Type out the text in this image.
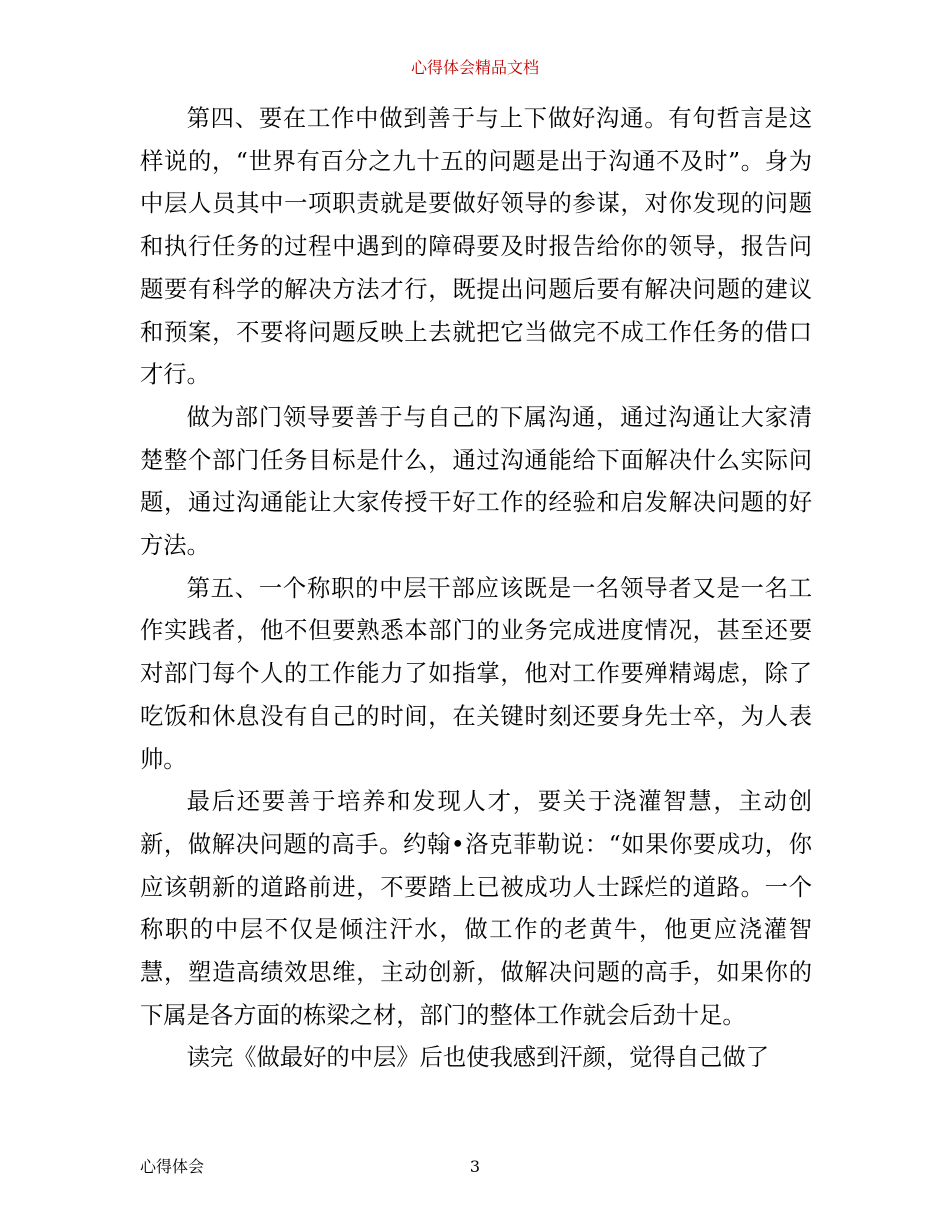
心得体会精品文档

第四、要在工作中做到善于与上下做好沟通。有句哲言是这样说的，“世界有百分之九十五的问题是出于沟通不及时”。身为中层人员其中一项职责就是要做好领导的参谋，对你发现的问题和执行任务的过程中遇到的障碍要及时报告给你的领导，报告问题要有科学的解决方法才行，既提出问题后要有解决问题的建议和预案，不要将问题反映上去就把它当做完不成工作任务的借口才行。

做为部门领导要善于与自己的下属沟通，通过沟通让大家清楚整个部门任务目标是什么，通过沟通能给下面解决什么实际问题，通过沟通能让大家传授干好工作的经验和启发解决问题的好方法。

第五、一个称职的中层干部应该既是一名领导者又是一名工作实践者，他不但要熟悉本部门的业务完成进度情况，甚至还要对部门每个人的工作能力了如指掌，他对工作要殚精竭虑，除了吃饭和休息没有自己的时间，在关键时刻还要身先士卒，为人表帅。

最后还要善于培养和发现人才，要关于浇灌智慧，主动创新，做解决问题的高手。约翰•洛克菲勒说：“如果你要成功，你应该朝新的道路前进，不要踏上已被成功人士踩烂的道路。一个称职的中层不仅是倾注汗水，做工作的老黄牛，他更应浇灌智慧，塑造高绩效思维，主动创新，做解决问题的高手，如果你的下属是各方面的栋梁之材，部门的整体工作就会后劲十足。

读完《做最好的中层》后也使我感到汗颜，觉得自己做了

心得体会	3
